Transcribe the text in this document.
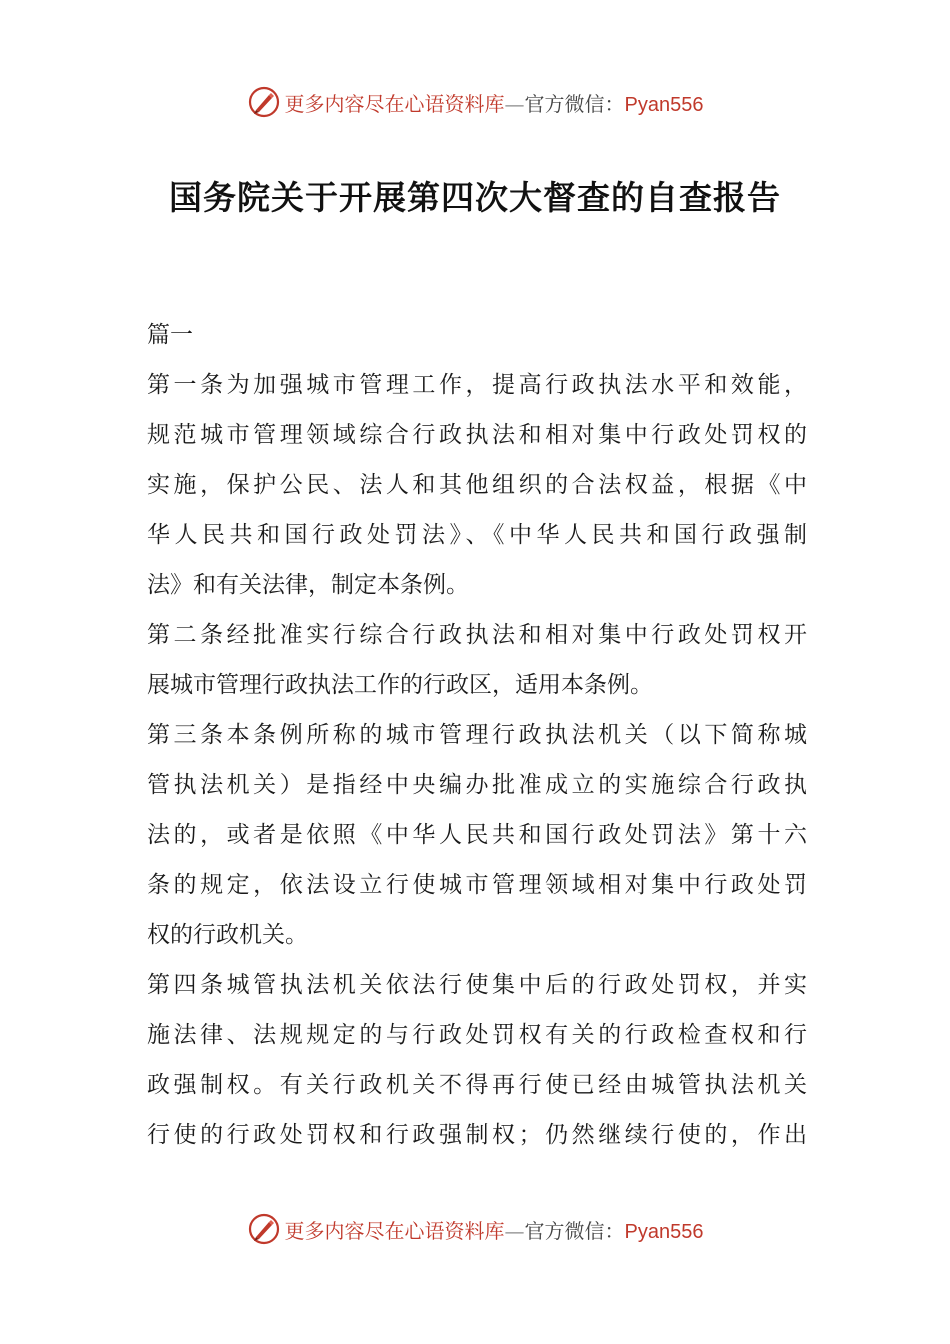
更多内容尽在心语资料库—官方微信：Pyan556
国务院关于开展第四次大督查的自查报告
篇一
第一条为加强城市管理工作，提高行政执法水平和效能，
规范城市管理领域综合行政执法和相对集中行政处罚权的
实施，保护公民、法人和其他组织的合法权益，根据《中
华人民共和国行政处罚法》、《中华人民共和国行政强制
法》和有关法律，制定本条例。
第二条经批准实行综合行政执法和相对集中行政处罚权开
展城市管理行政执法工作的行政区，适用本条例。
第三条本条例所称的城市管理行政执法机关（以下简称城
管执法机关）是指经中央编办批准成立的实施综合行政执
法的，或者是依照《中华人民共和国行政处罚法》第十六
条的规定，依法设立行使城市管理领域相对集中行政处罚
权的行政机关。
第四条城管执法机关依法行使集中后的行政处罚权，并实
施法律、法规规定的与行政处罚权有关的行政检查权和行
政强制权。有关行政机关不得再行使已经由城管执法机关
行使的行政处罚权和行政强制权；仍然继续行使的，作出
更多内容尽在心语资料库—官方微信：Pyan556
